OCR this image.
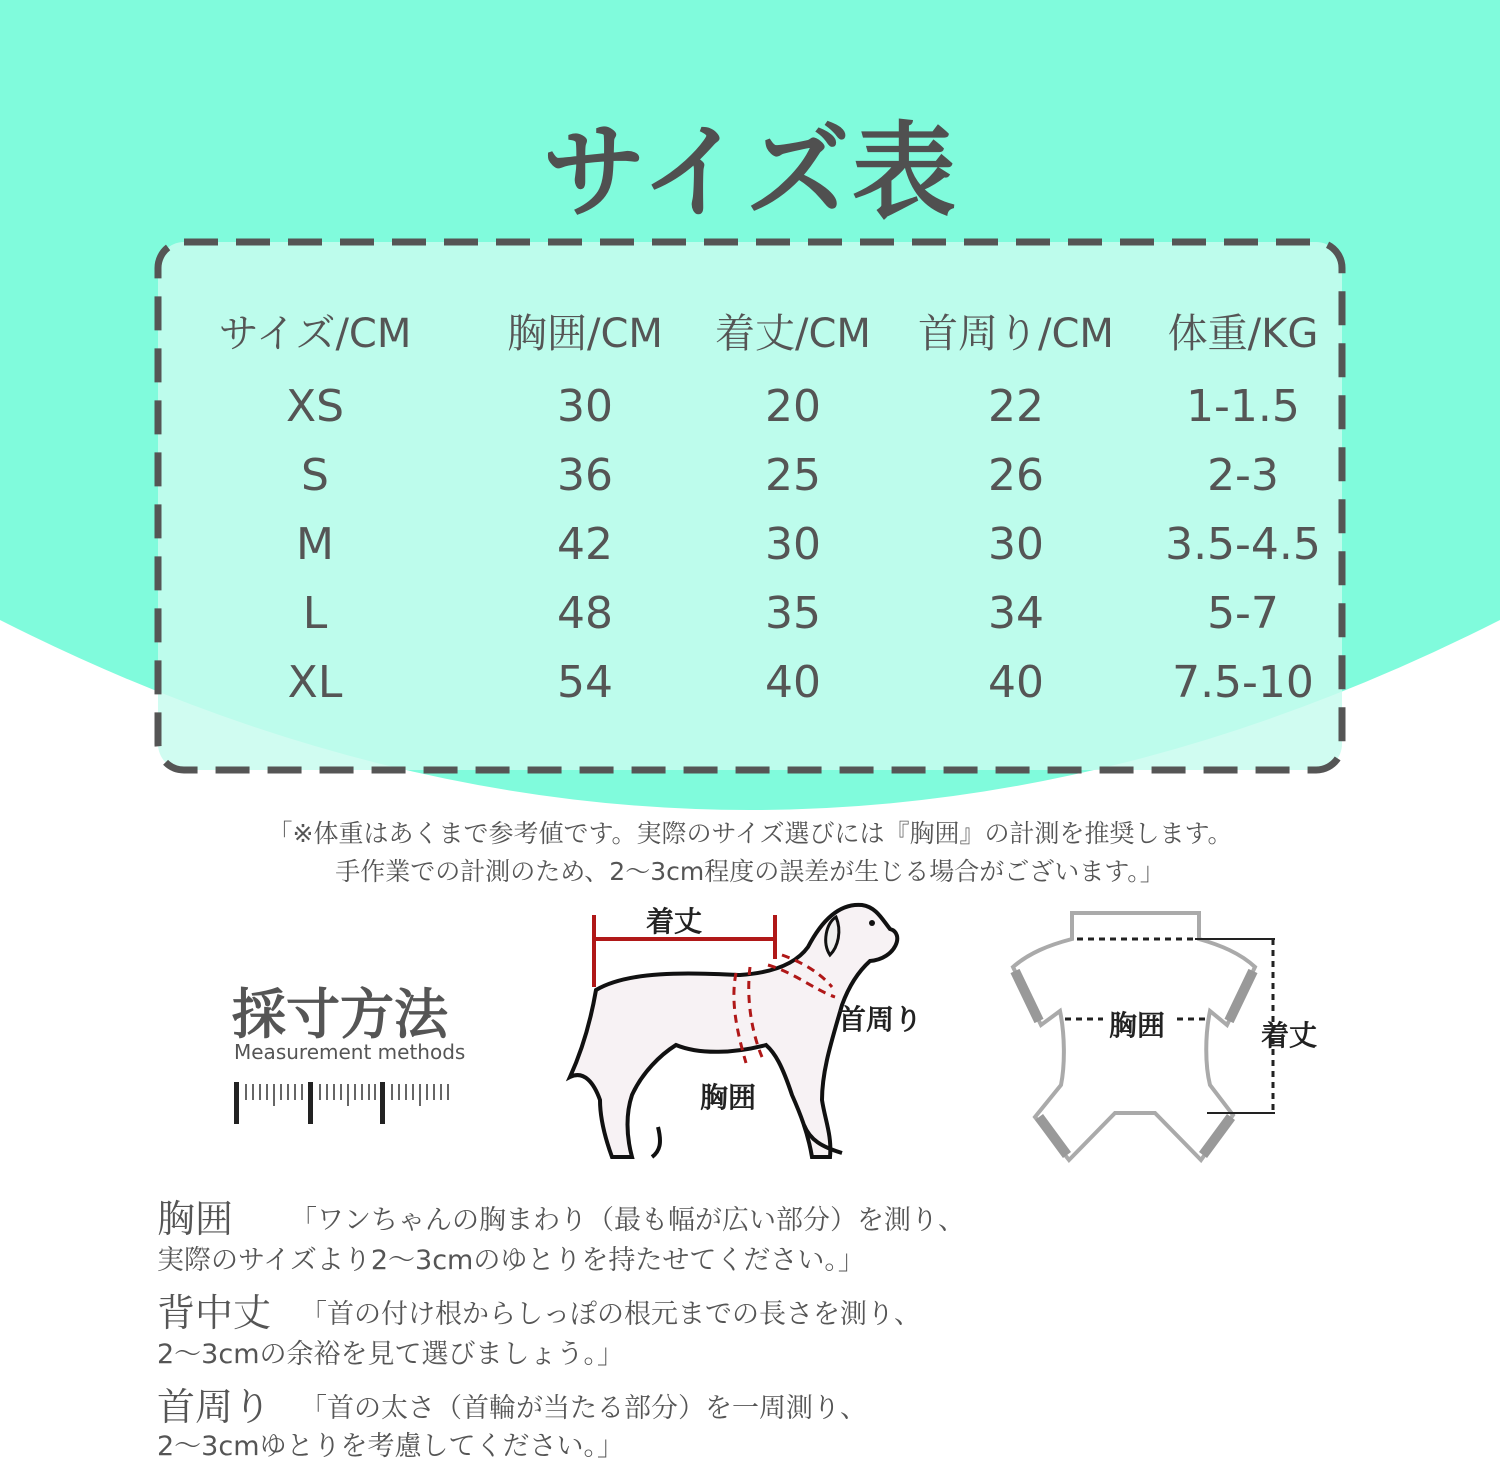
サイズ表
サイズ/CM	胸囲/CM	着丈/CM	首周り/CM	体重/KG
XS	30	20	22	1-1.5
S	36	25	26	2-3
M	42	30	30	3.5-4.5
L	48	35	34	5-7
XL	54	40	40	7.5-10
「※体重はあくまで参考値です。実際のサイズ選びには『胸囲』の計測を推奨します。
手作業での計測のため、2〜3cm程度の誤差が生じる場合がございます。」
採寸方法
Measurement methods
着丈
首周り
胸囲
胸囲	着丈
胸囲 「ワンちゃんの胸まわり（最も幅が広い部分）を測り、
実際のサイズより2〜3cmのゆとりを持たせてください。」
背中丈 「首の付け根からしっぽの根元までの長さを測り、
2〜3cmの余裕を見て選びましょう。」
首周り 「首の太さ（首輪が当たる部分）を一周測り、
2〜3cmゆとりを考慮してください。」
